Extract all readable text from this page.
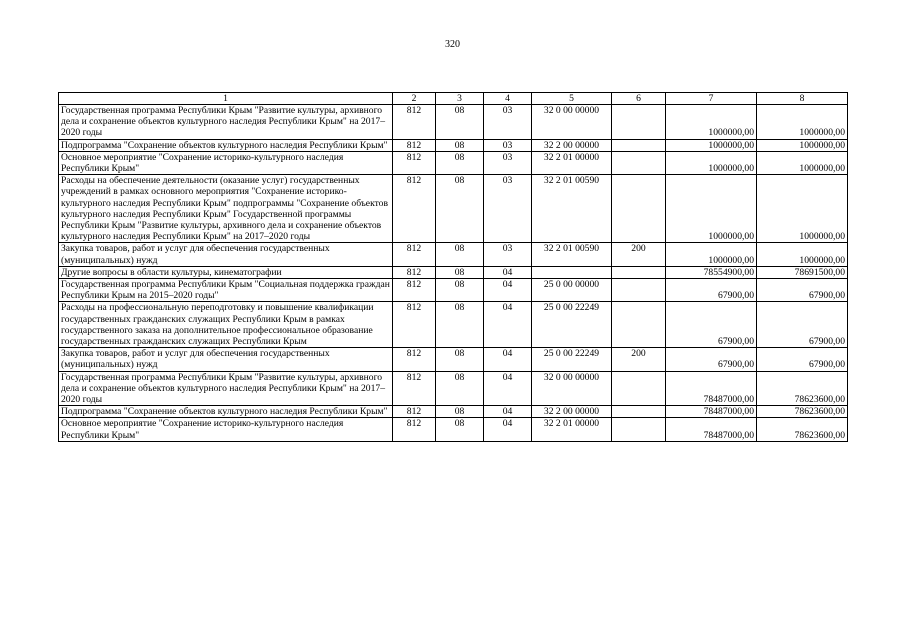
320
1	2	3	4	5	6	7	8
Государственная программа Республики Крым "Развитие культуры, архивного дела и сохранение объектов культурного наследия Республики Крым" на 2017–2020 годы	812	08	03	32 0 00 00000		1000000,00	1000000,00
Подпрограмма "Сохранение объектов культурного наследия Республики Крым"	812	08	03	32 2 00 00000		1000000,00	1000000,00
Основное мероприятие "Сохранение историко-культурного наследия Республики Крым"	812	08	03	32 2 01 00000		1000000,00	1000000,00
Расходы на обеспечение деятельности (оказание услуг) государственных учреждений в рамках основного мероприятия "Сохранение историко-культурного наследия Республики Крым" подпрограммы "Сохранение объектов культурного наследия Республики Крым" Государственной программы Республики Крым "Развитие культуры, архивного дела и сохранение объектов культурного наследия Республики Крым" на 2017–2020 годы	812	08	03	32 2 01 00590		1000000,00	1000000,00
Закупка товаров, работ и услуг для обеспечения государственных (муниципальных) нужд	812	08	03	32 2 01 00590	200	1000000,00	1000000,00
Другие вопросы в области культуры, кинематографии	812	08	04			78554900,00	78691500,00
Государственная программа Республики Крым "Социальная поддержка граждан Республики Крым на 2015–2020 годы"	812	08	04	25 0 00 00000		67900,00	67900,00
Расходы на профессиональную переподготовку и повышение квалификации государственных гражданских служащих Республики Крым в рамках государственного заказа на дополнительное профессиональное образование государственных гражданских служащих Республики Крым	812	08	04	25 0 00 22249		67900,00	67900,00
Закупка товаров, работ и услуг для обеспечения государственных (муниципальных) нужд	812	08	04	25 0 00 22249	200	67900,00	67900,00
Государственная программа Республики Крым "Развитие культуры, архивного дела и сохранение объектов культурного наследия Республики Крым" на 2017–2020 годы	812	08	04	32 0 00 00000		78487000,00	78623600,00
Подпрограмма "Сохранение объектов культурного наследия Республики Крым"	812	08	04	32 2 00 00000		78487000,00	78623600,00
Основное мероприятие "Сохранение историко-культурного наследия Республики Крым"	812	08	04	32 2 01 00000		78487000,00	78623600,00
